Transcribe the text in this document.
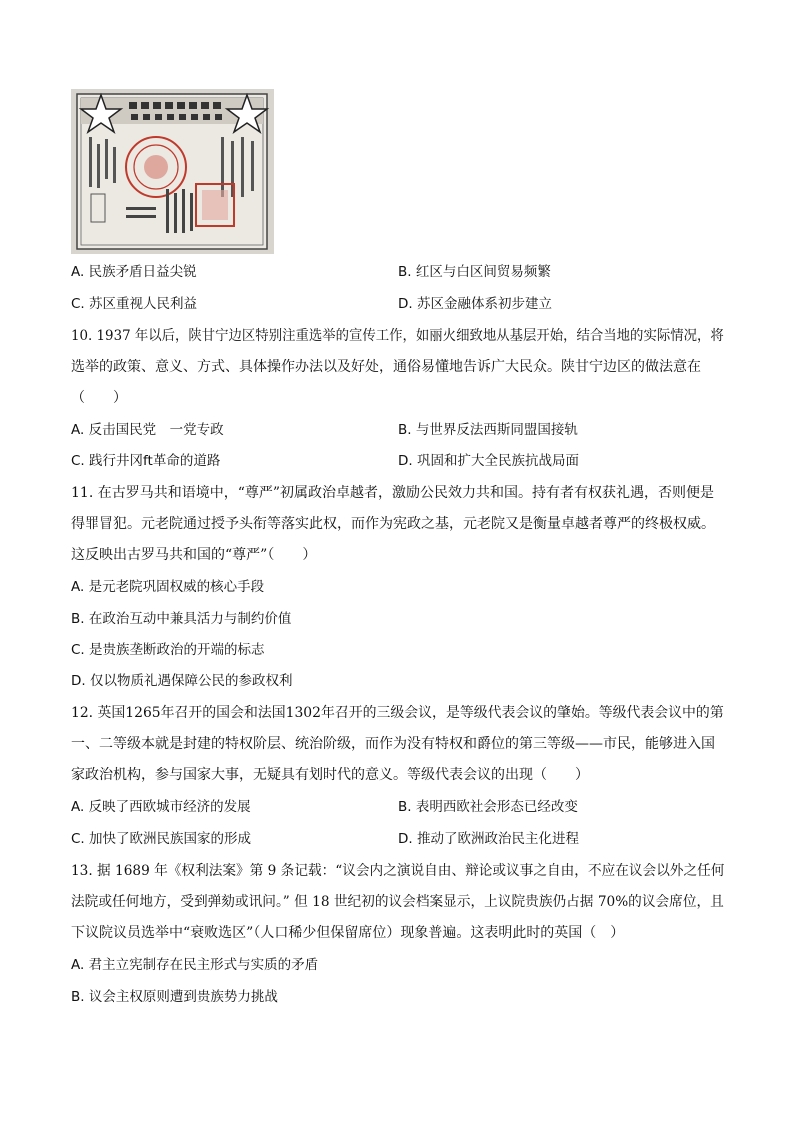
A. 民族矛盾日益尖锐	B. 红区与白区间贸易频繁
C. 苏区重视人民利益	D. 苏区金融体系初步建立
10. 1937 年以后，陕甘宁边区特别注重选举的宣传工作，如丽火细致地从基层开始，结合当地的实际情况，将
选举的政策、意义、方式、具体操作办法以及好处，通俗易懂地告诉广大民众。陕甘宁边区的做法意在
（　　）
A. 反击国民党　一党专政	B. 与世界反法西斯同盟国接轨
C. 践行井冈ft革命的道路	D. 巩固和扩大全民族抗战局面
11. 在古罗马共和语境中，“尊严”初属政治卓越者，激励公民效力共和国。持有者有权获礼遇，否则便是
得罪冒犯。元老院通过授予头衔等落实此权，而作为宪政之基，元老院又是衡量卓越者尊严的终极权威。
这反映出古罗马共和国的“尊严”（　　）
A. 是元老院巩固权威的核心手段
B. 在政治互动中兼具活力与制约价值
C. 是贵族垄断政治的开端的标志
D. 仅以物质礼遇保障公民的参政权利
12. 英国1265年召开的国会和法国1302年召开的三级会议，是等级代表会议的肇始。等级代表会议中的第
一、二等级本就是封建的特权阶层、统治阶级，而作为没有特权和爵位的第三等级——市民，能够进入国
家政治机构，参与国家大事，无疑具有划时代的意义。等级代表会议的出现（　　）
A. 反映了西欧城市经济的发展	B. 表明西欧社会形态已经改变
C. 加快了欧洲民族国家的形成	D. 推动了欧洲政治民主化进程
13. 据 1689 年《权利法案》第 9 条记载：“议会内之演说自由、辩论或议事之自由，不应在议会以外之任何
法院或任何地方，受到弹劾或讯问。” 但 18 世纪初的议会档案显示，上议院贵族仍占据 70%的议会席位，且
下议院议员选举中“衰败选区”（人口稀少但保留席位）现象普遍。这表明此时的英国（　）
A. 君主立宪制存在民主形式与实质的矛盾
B. 议会主权原则遭到贵族势力挑战
